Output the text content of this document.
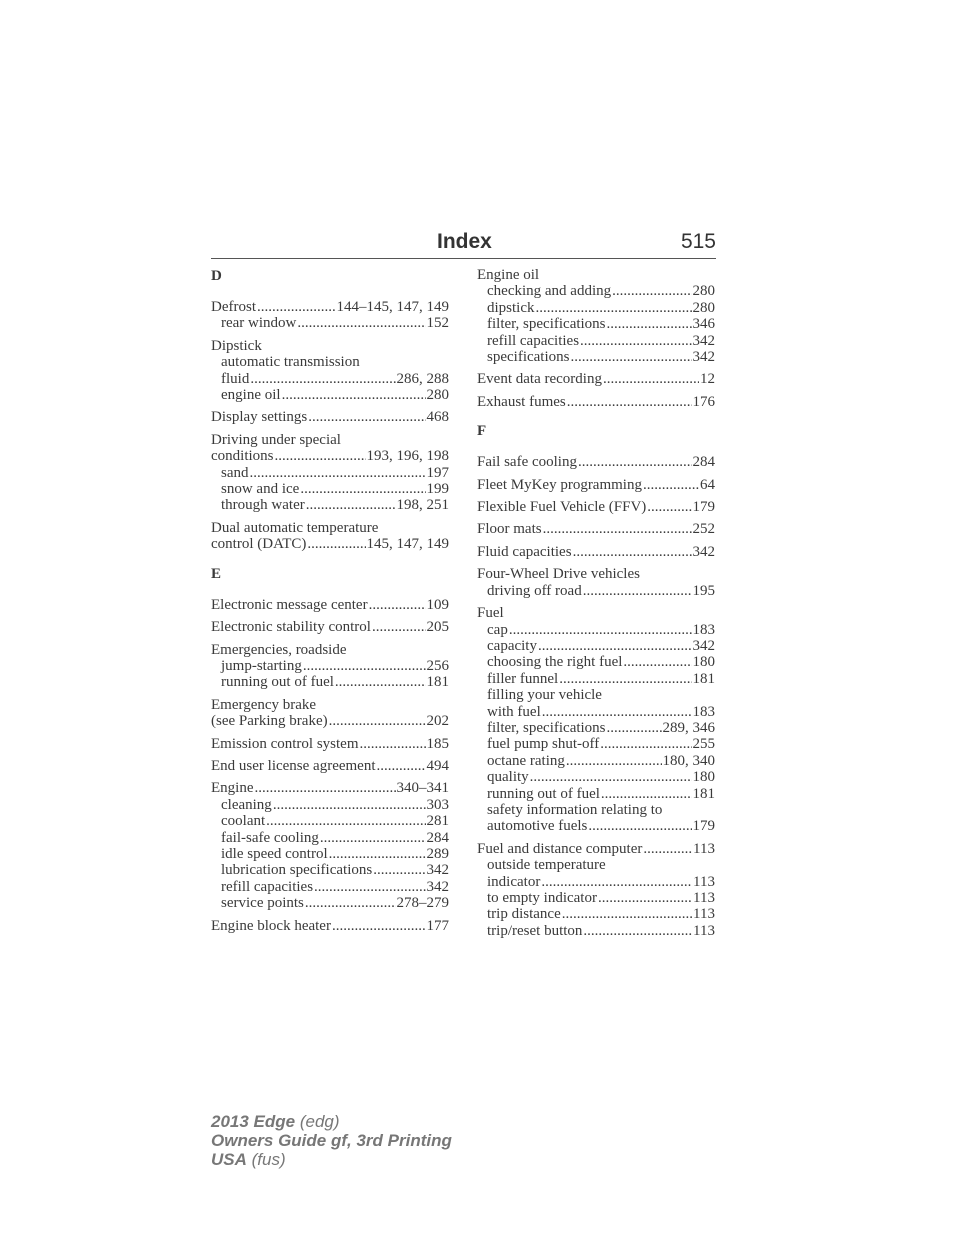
Index	515
D
Defrost .....	144–145, 147, 149
rear window .....	152
Dipstick
automatic transmission
fluid .....	286, 288
engine oil .....	280
Display settings .....	468
Driving under special
conditions .....	193, 196, 198
sand .....	197
snow and ice .....	199
through water .....	198, 251
Dual automatic temperature
control (DATC) .....	145, 147, 149
E
Electronic message center .....	109
Electronic stability control .....	205
Emergencies, roadside
jump-starting .....	256
running out of fuel .....	181
Emergency brake
(see Parking brake) .....	202
Emission control system .....	185
End user license agreement .....	494
Engine .....	340–341
cleaning .....	303
coolant .....	281
fail-safe cooling .....	284
idle speed control .....	289
lubrication specifications .....	342
refill capacities .....	342
service points .....	278–279
Engine block heater .....	177
Engine oil
checking and adding .....	280
dipstick .....	280
filter, specifications .....	346
refill capacities .....	342
specifications .....	342
Event data recording .....	12
Exhaust fumes .....	176
F
Fail safe cooling .....	284
Fleet MyKey programming .....	64
Flexible Fuel Vehicle (FFV) .....	179
Floor mats .....	252
Fluid capacities .....	342
Four-Wheel Drive vehicles
driving off road .....	195
Fuel
cap .....	183
capacity .....	342
choosing the right fuel .....	180
filler funnel .....	181
filling your vehicle
with fuel .....	183
filter, specifications .....	289, 346
fuel pump shut-off .....	255
octane rating .....	180, 340
quality .....	180
running out of fuel .....	181
safety information relating to
automotive fuels .....	179
Fuel and distance computer .....	113
outside temperature
indicator .....	113
to empty indicator .....	113
trip distance .....	113
trip/reset button .....	113
2013 Edge (edg)
Owners Guide gf, 3rd Printing
USA (fus)
